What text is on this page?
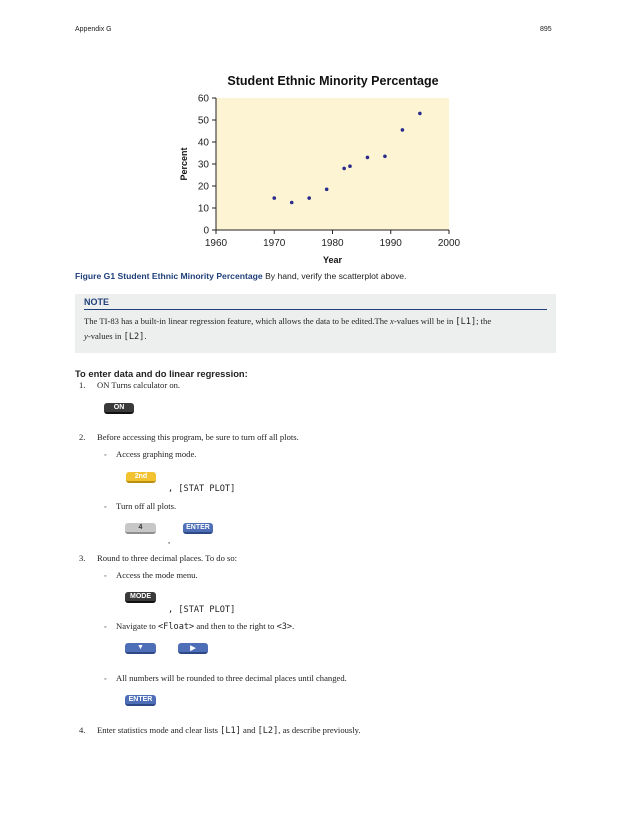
Appendix G	895
Student Ethnic Minority Percentage
0
10
20
30
40
50
60
1960	1970	1980	1990	2000
Year
Percent
Figure G1 Student Ethnic Minority Percentage By hand, verify the scatterplot above.
NOTE
The TI-83 has a built-in linear regression feature, which allows the data to be edited.The x-values will be in [L1]; the
y-values in [L2].
To enter data and do linear regression:
1. ON Turns calculator on.
ON
2. Before accessing this program, be sure to turn off all plots.
◦ Access graphing mode.
2nd
, [STAT PLOT]
◦ Turn off all plots.
4	ENTER
,
3. Round to three decimal places. To do so:
◦ Access the mode menu.
MODE
, [STAT PLOT]
◦ Navigate to <Float> and then to the right to <3>.
▼	▶
◦ All numbers will be rounded to three decimal places until changed.
ENTER
4. Enter statistics mode and clear lists [L1] and [L2], as describe previously.
